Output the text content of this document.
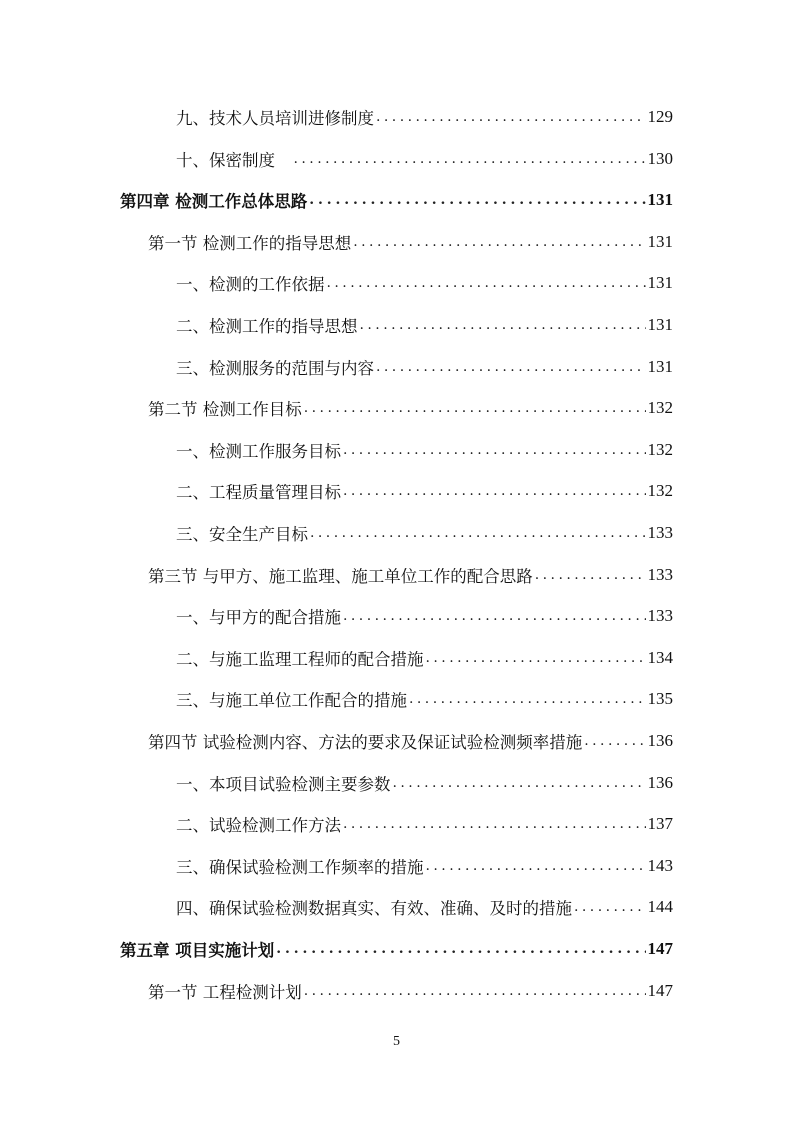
九、技术人员培训进修制度 . . .	129
十、保密制度　 . . .	130
第四章 检测工作总体思路 . . .	131
第一节 检测工作的指导思想 . . .	131
一、检测的工作依据 . . .	131
二、检测工作的指导思想 . . .	131
三、检测服务的范围与内容 . . .	131
第二节 检测工作目标 . . .	132
一、检测工作服务目标 . . .	132
二、工程质量管理目标 . . .	132
三、安全生产目标 . . .	133
第三节 与甲方、施工监理、施工单位工作的配合思路 . . .	133
一、与甲方的配合措施 . . .	133
二、与施工监理工程师的配合措施 . . .	134
三、与施工单位工作配合的措施 . . .	135
第四节 试验检测内容、方法的要求及保证试验检测频率措施 . . .	136
一、本项目试验检测主要参数 . . .	136
二、试验检测工作方法 . . .	137
三、确保试验检测工作频率的措施 . . .	143
四、确保试验检测数据真实、有效、准确、及时的措施 . . .	144
第五章 项目实施计划 . . .	147
第一节 工程检测计划 . . .	147
5
